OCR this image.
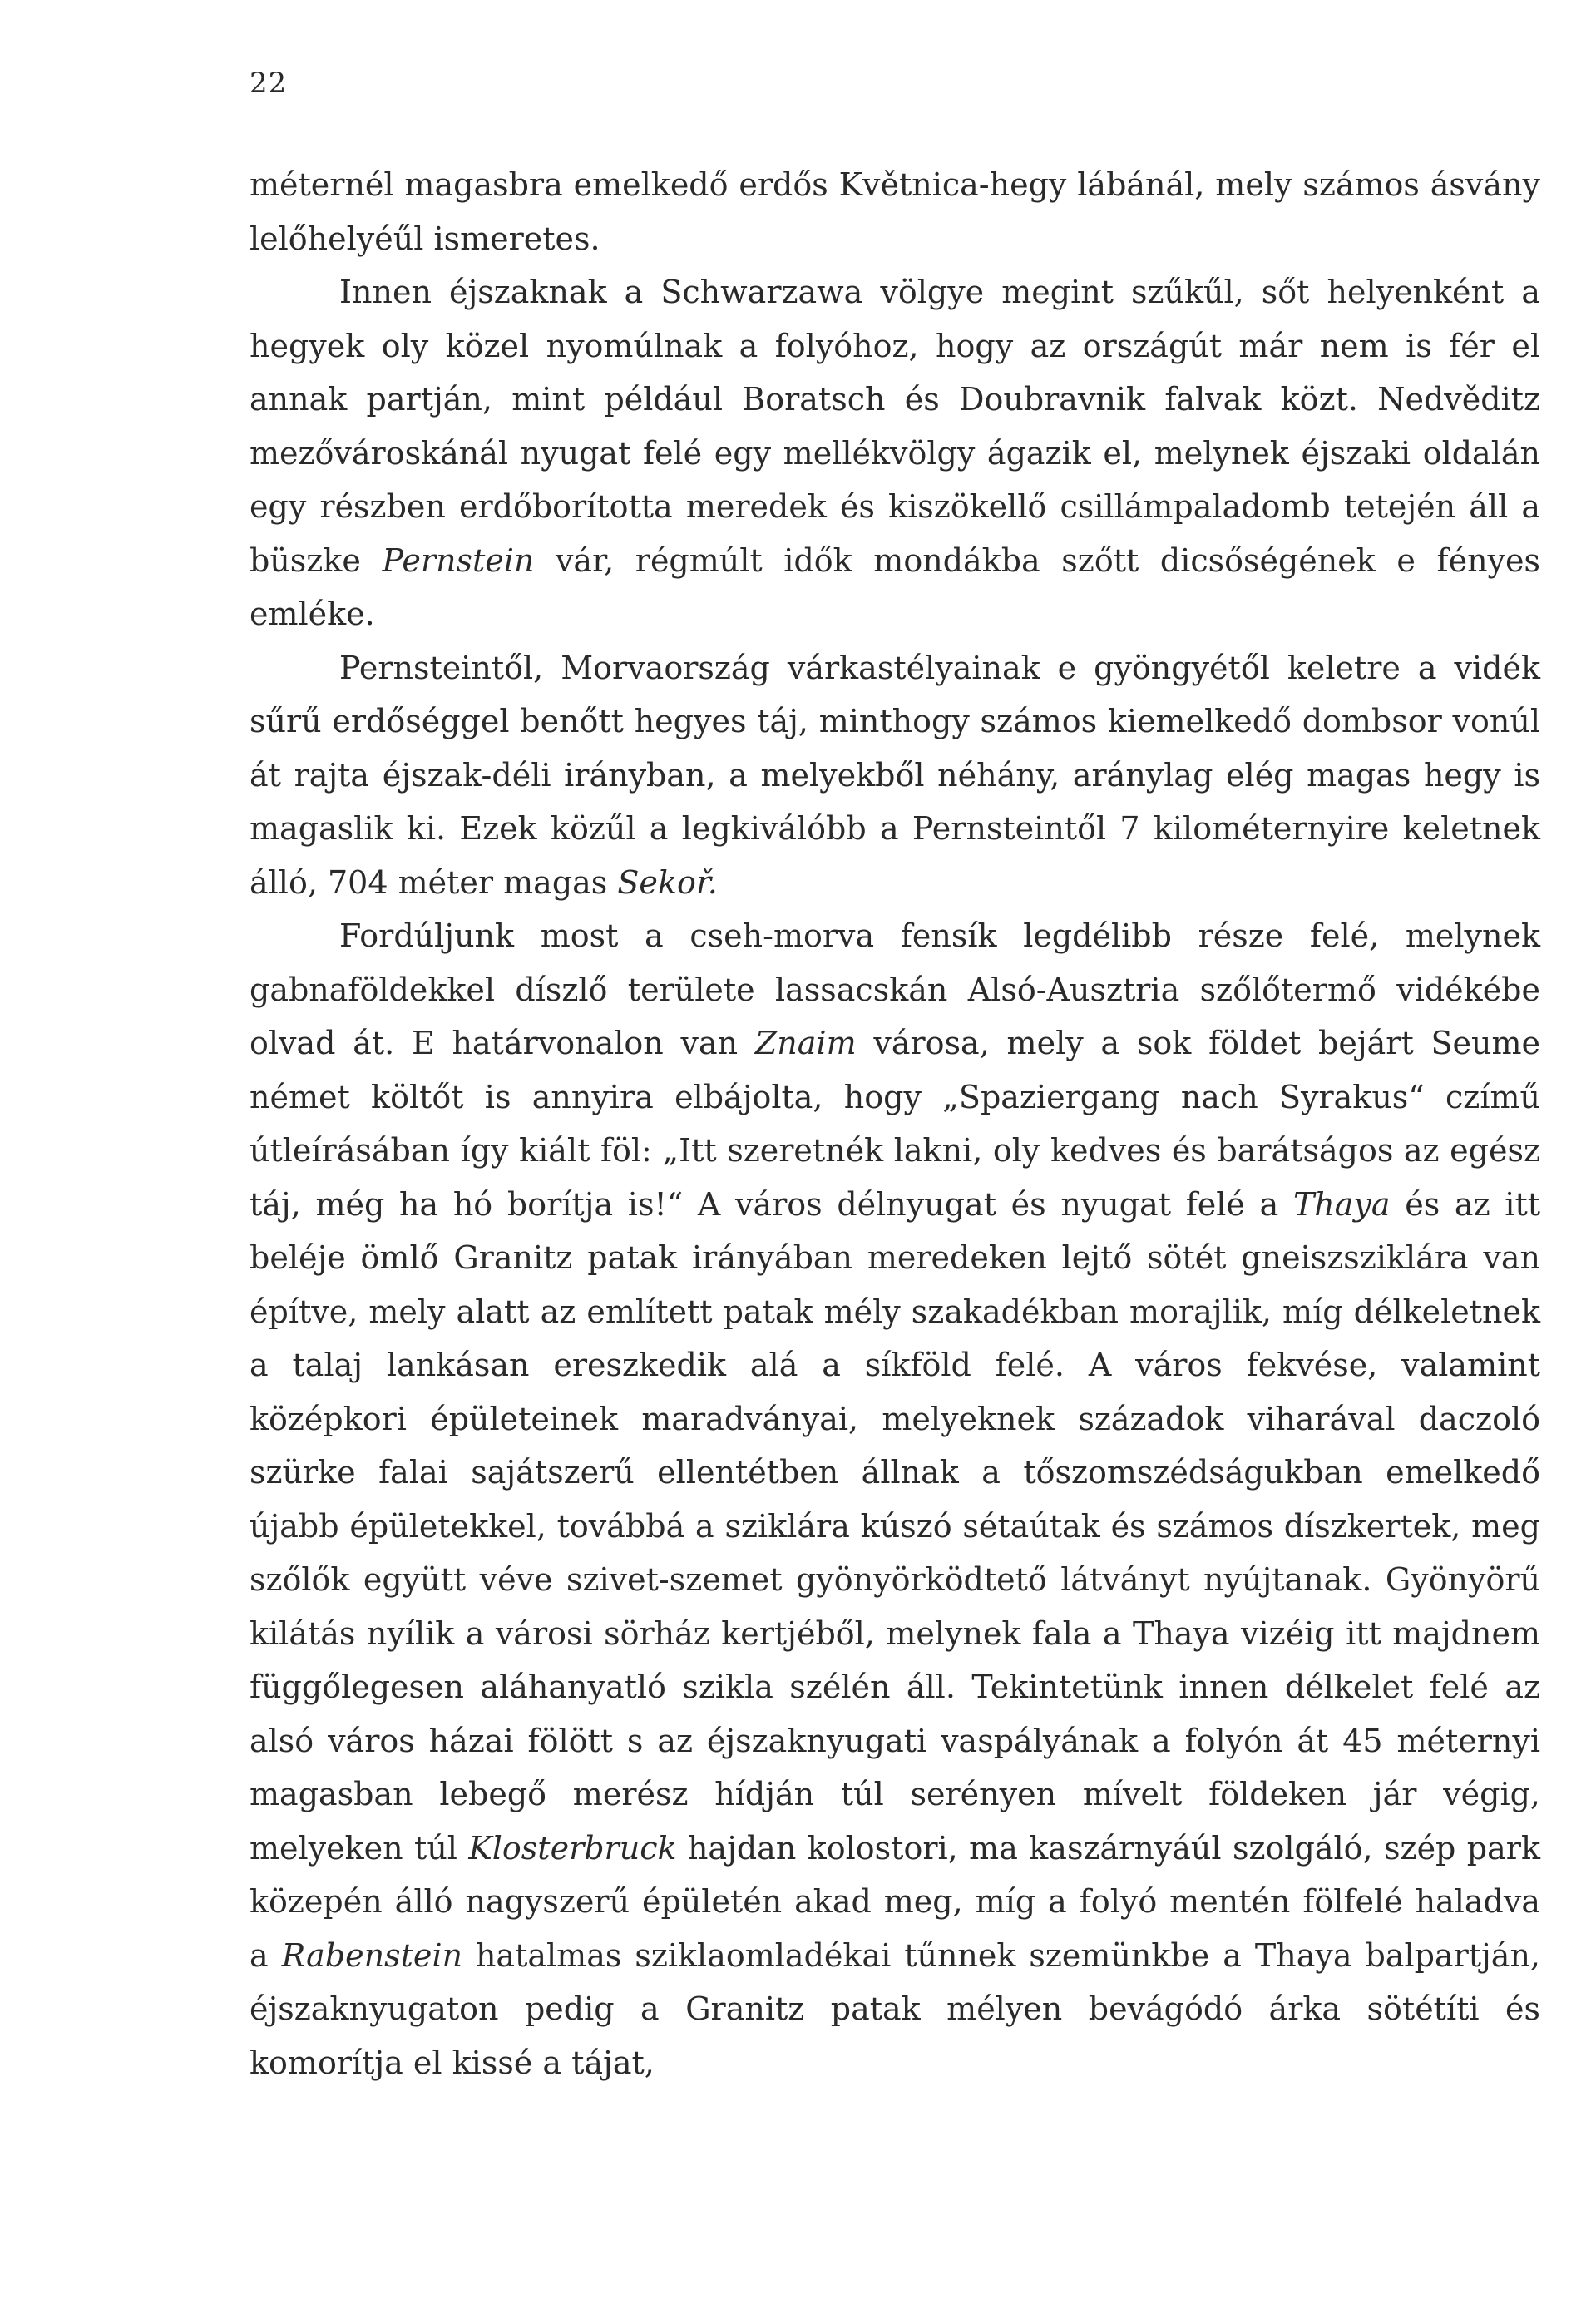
22

méternél magasbra emelkedő erdős Květnica-hegy lábánál, mely számos ásvány lelőhelyéűl ismeretes.

Innen éjszaknak a Schwarzawa völgye megint szűkűl, sőt helyenként a hegyek oly közel nyomúlnak a folyóhoz, hogy az országút már nem is fér el annak partján, mint például Boratsch és Doubravnik falvak közt. Nedvěditz mezővároskánál nyugat felé egy mellékvölgy ágazik el, melynek éjszaki oldalán egy részben erdőborította meredek és kiszökellő csillámpaladomb tetején áll a büszke Pernstein vár, régmúlt idők mondákba szőtt dicsőségének e fényes emléke.

Pernsteintől, Morvaország várkastélyainak e gyöngyétől keletre a vidék sűrű erdőséggel benőtt hegyes táj, minthogy számos kiemelkedő dombsor vonúl át rajta éjszak-déli irányban, a melyekből néhány, aránylag elég magas hegy is magaslik ki. Ezek közűl a legkiválóbb a Pernsteintől 7 kilométernyire keletnek álló, 704 méter magas Sekoř.

Fordúljunk most a cseh-morva fensík legdélibb része felé, melynek gabnaföldekkel díszlő területe lassacskán Alsó-Ausztria szőlőtermő vidékébe olvad át. E határvonalon van Znaim városa, mely a sok földet bejárt Seume német költőt is annyira elbájolta, hogy „Spaziergang nach Syrakus“ czímű útleírásában így kiált föl: „Itt szeretnék lakni, oly kedves és barátságos az egész táj, még ha hó borítja is!“ A város délnyugat és nyugat felé a Thaya és az itt beléje ömlő Granitz patak irányában meredeken lejtő sötét gneiszsziklára van építve, mely alatt az említett patak mély szakadékban morajlik, míg délkeletnek a talaj lankásan ereszkedik alá a síkföld felé. A város fekvése, valamint középkori épületeinek maradványai, melyeknek századok viharával daczoló szürke falai sajátszerű ellentétben állnak a tőszomszédságukban emelkedő újabb épületekkel, továbbá a sziklára kúszó sétaútak és számos díszkertek, meg szőlők együtt véve szivet-szemet gyönyörködtető látványt nyújtanak. Gyönyörű kilátás nyílik a városi sörház kertjéből, melynek fala a Thaya vizéig itt majdnem függőlegesen aláhanyatló szikla szélén áll. Tekintetünk innen délkelet felé az alsó város házai fölött s az éjszaknyugati vaspályának a folyón át 45 méternyi magasban lebegő merész hídján túl serényen mívelt földeken jár végig, melyeken túl Klosterbruck hajdan kolostori, ma kaszárnyáúl szolgáló, szép park közepén álló nagyszerű épületén akad meg, míg a folyó mentén fölfelé haladva a Rabenstein hatalmas sziklaomladékai tűnnek szemünkbe a Thaya balpartján, éjszaknyugaton pedig a Granitz patak mélyen bevágódó árka sötétíti és komorítja el kissé a tájat,
